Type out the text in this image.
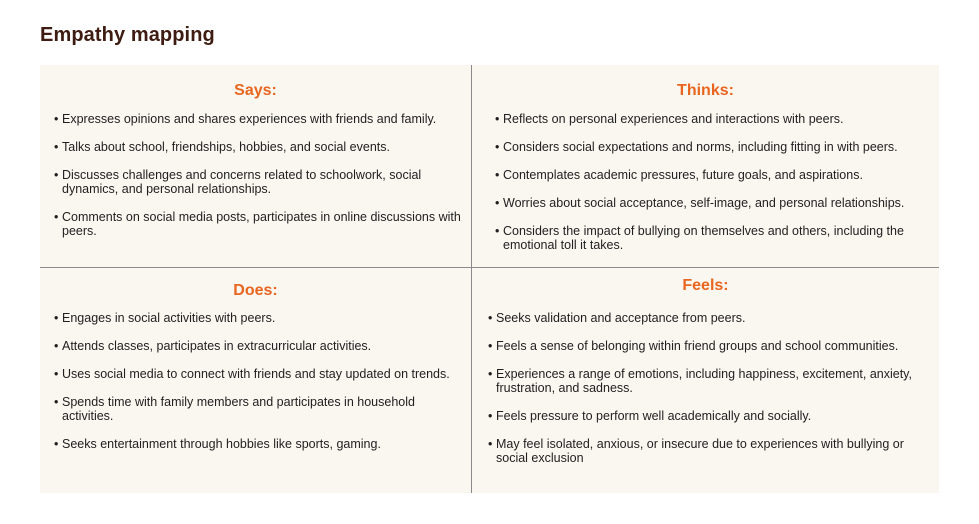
Empathy mapping
Says:
• Expresses opinions and shares experiences with friends and family.
• Talks about school, friendships, hobbies, and social events.
• Discusses challenges and concerns related to schoolwork, social dynamics, and personal relationships.
• Comments on social media posts, participates in online discussions with peers.
Thinks:
• Reflects on personal experiences and interactions with peers.
• Considers social expectations and norms, including fitting in with peers.
• Contemplates academic pressures, future goals, and aspirations.
• Worries about social acceptance, self-image, and personal relationships.
• Considers the impact of bullying on themselves and others, including the emotional toll it takes.
Does:
• Engages in social activities with peers.
• Attends classes, participates in extracurricular activities.
• Uses social media to connect with friends and stay updated on trends.
• Spends time with family members and participates in household activities.
• Seeks entertainment through hobbies like sports, gaming.
Feels:
• Seeks validation and acceptance from peers.
• Feels a sense of belonging within friend groups and school communities.
• Experiences a range of emotions, including happiness, excitement, anxiety, frustration, and sadness.
• Feels pressure to perform well academically and socially.
• May feel isolated, anxious, or insecure due to experiences with bullying or social exclusion
